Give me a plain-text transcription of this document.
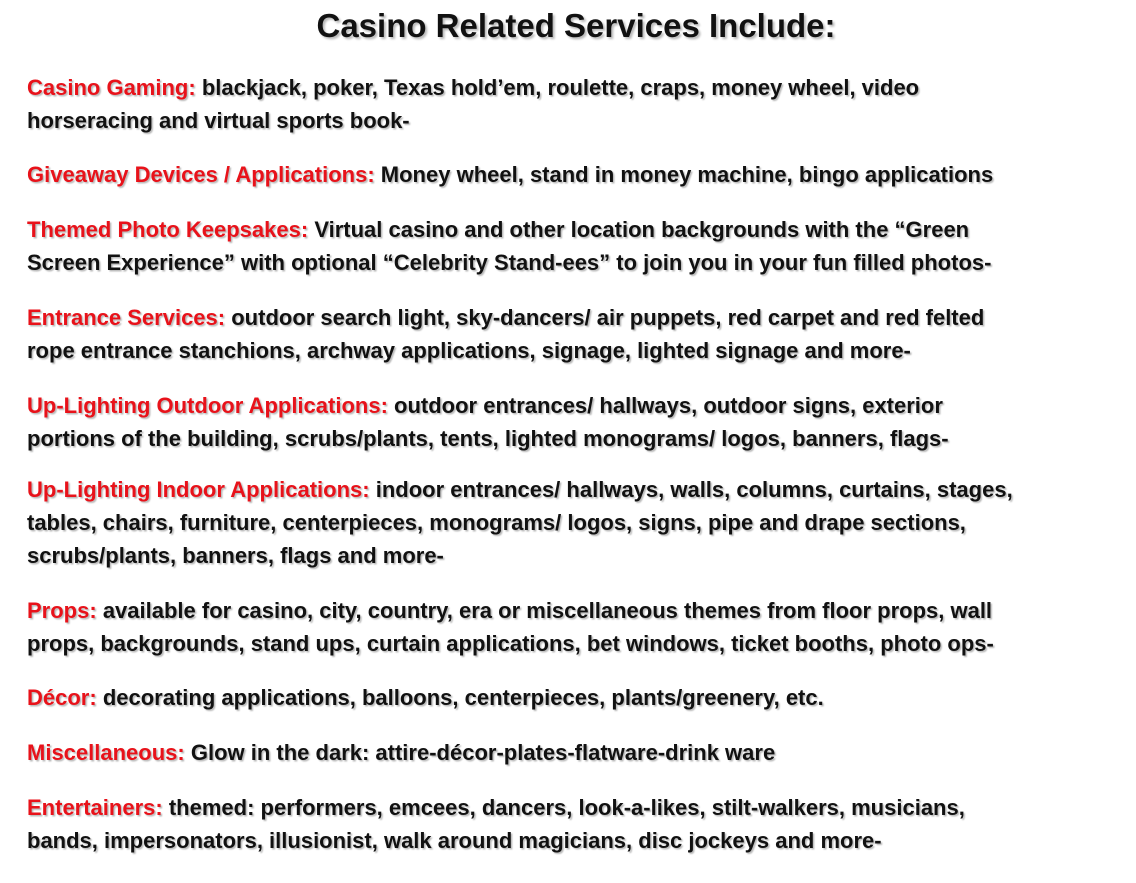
Casino Related Services Include:
Casino Gaming: blackjack, poker, Texas hold’em, roulette, craps, money wheel, video
horseracing and virtual sports book-
Giveaway Devices / Applications: Money wheel, stand in money machine, bingo applications
Themed Photo Keepsakes: Virtual casino and other location backgrounds with the “Green
Screen Experience” with optional “Celebrity Stand-ees” to join you in your fun filled photos-
Entrance Services: outdoor search light, sky-dancers/ air puppets, red carpet and red felted
rope entrance stanchions, archway applications, signage, lighted signage and more-
Up-Lighting Outdoor Applications: outdoor entrances/ hallways, outdoor signs, exterior
portions of the building, scrubs/plants, tents, lighted monograms/ logos, banners, flags-
Up-Lighting Indoor Applications: indoor entrances/ hallways, walls, columns, curtains, stages,
tables, chairs, furniture, centerpieces, monograms/ logos, signs, pipe and drape sections,
scrubs/plants, banners, flags and more-
Props: available for casino, city, country, era or miscellaneous themes from floor props, wall
props, backgrounds, stand ups, curtain applications, bet windows, ticket booths, photo ops-
Décor: decorating applications, balloons, centerpieces, plants/greenery, etc.
Miscellaneous: Glow in the dark: attire-décor-plates-flatware-drink ware
Entertainers: themed: performers, emcees, dancers, look-a-likes, stilt-walkers, musicians,
bands, impersonators, illusionist, walk around magicians, disc jockeys and more-
